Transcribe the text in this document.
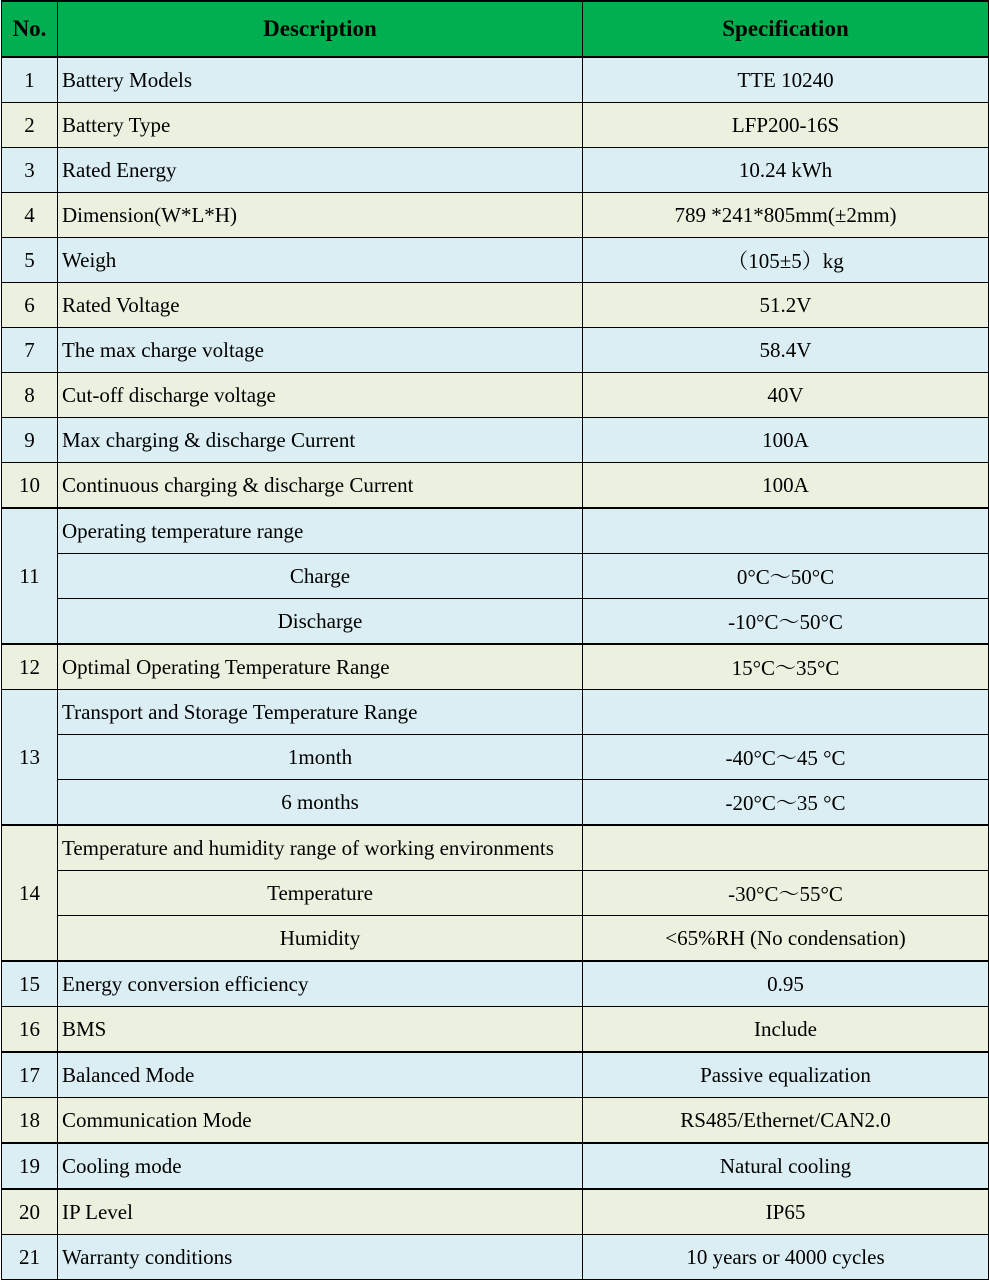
No.	Description	Specification
1	Battery Models	TTE 10240
2	Battery Type	LFP200-16S
3	Rated Energy	10.24 kWh
4	Dimension(W*L*H)	789 *241*805mm(±2mm)
5	Weigh	（105±5）kg
6	Rated Voltage	51.2V
7	The max charge voltage	58.4V
8	Cut-off discharge voltage	40V
9	Max charging & discharge Current	100A
10	Continuous charging & discharge Current	100A
11	Operating temperature range	
	Charge	0°C～50°C
	Discharge	-10°C～50°C
12	Optimal Operating Temperature Range	15°C～35°C
13	Transport and Storage Temperature Range	
	1month	-40°C～45 °C
	6 months	-20°C～35 °C
14	Temperature and humidity range of working environments	
	Temperature	-30°C～55°C
	Humidity	<65%RH (No condensation)
15	Energy conversion efficiency	0.95
16	BMS	Include
17	Balanced Mode	Passive equalization
18	Communication Mode	RS485/Ethernet/CAN2.0
19	Cooling mode	Natural cooling
20	IP Level	IP65
21	Warranty conditions	10 years or 4000 cycles
